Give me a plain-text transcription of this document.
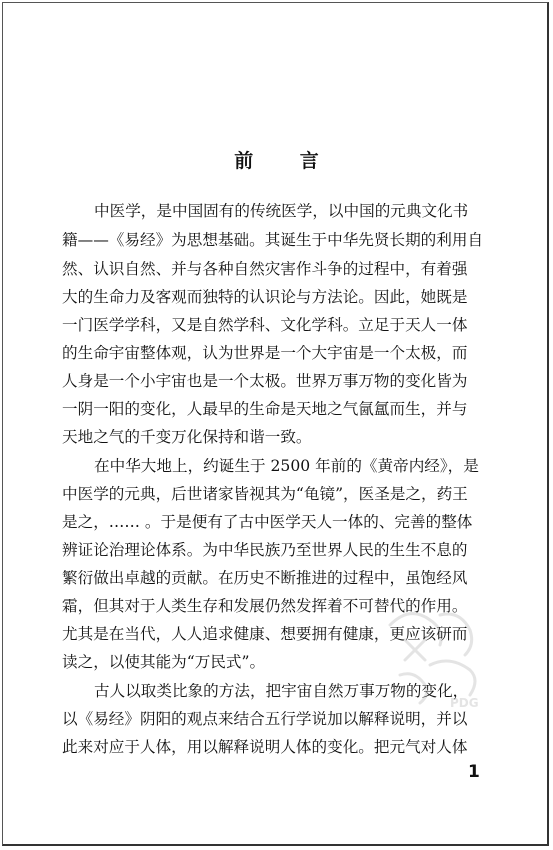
前 言
中医学，是中国固有的传统医学，以中国的元典文化书
籍——《易经》为思想基础。其诞生于中华先贤长期的利用自
然、认识自然、并与各种自然灾害作斗争的过程中，有着强
大的生命力及客观而独特的认识论与方法论。因此，她既是
一门医学学科，又是自然学科、文化学科。立足于天人一体
的生命宇宙整体观，认为世界是一个大宇宙是一个太极，而
人身是一个小宇宙也是一个太极。世界万事万物的变化皆为
一阴一阳的变化，人最早的生命是天地之气氤氲而生，并与
天地之气的千变万化保持和谐一致。
在中华大地上，约诞生于 2500 年前的《黄帝内经》，是
中医学的元典，后世诸家皆视其为“龟镜”，医圣是之，药王
是之，…… 。于是便有了古中医学天人一体的、完善的整体
辨证论治理论体系。为中华民族乃至世界人民的生生不息的
繁衍做出卓越的贡献。在历史不断推进的过程中，虽饱经风
霜，但其对于人类生存和发展仍然发挥着不可替代的作用。
尤其是在当代，人人追求健康、想要拥有健康，更应该研而
读之，以使其能为“万民式”。
古人以取类比象的方法，把宇宙自然万事万物的变化，
以《易经》阴阳的观点来结合五行学说加以解释说明，并以
此来对应于人体，用以解释说明人体的变化。把元气对人体
1
PDG
